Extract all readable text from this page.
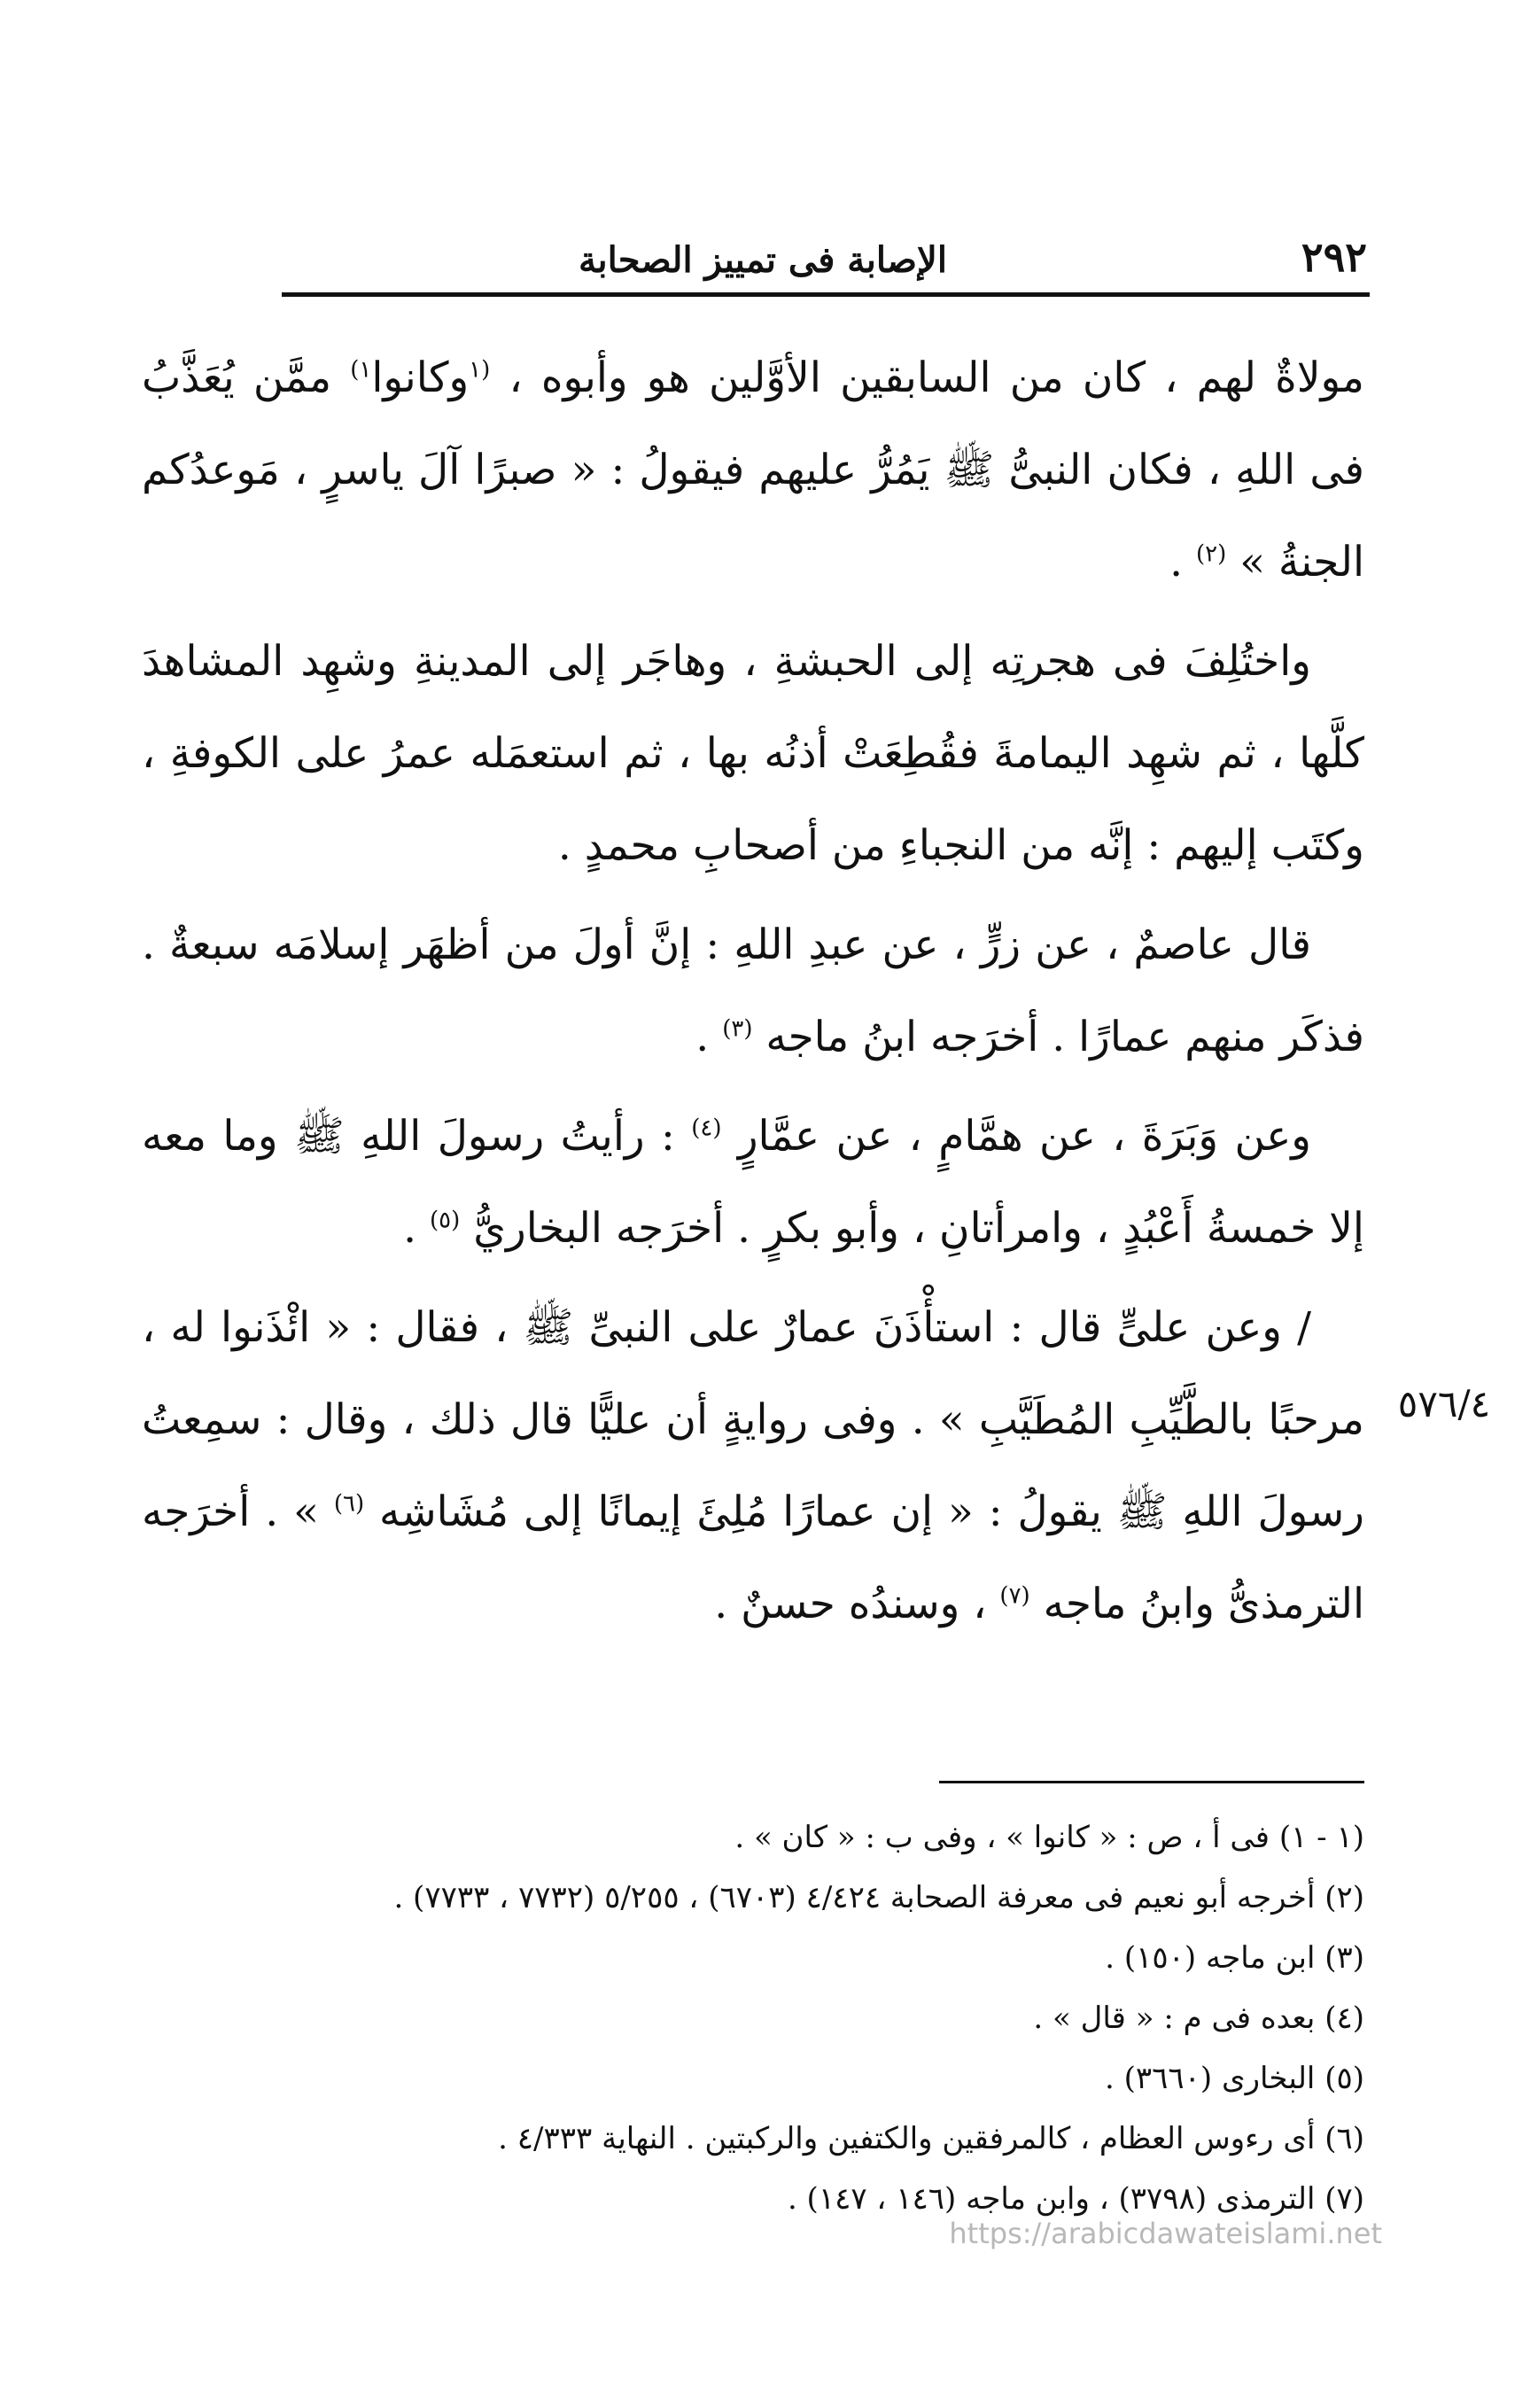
٢٩٢
الإصابة فى تمييز الصحابة

مولاةٌ لهم ، كان من السابقين الأوَّلين هو وأبوه ، $^{(١}$وكانوا$^{١)}$ ممَّن يُعَذَّبُ فى اللهِ ، فكان النبىُّ ﷺ يَمُرُّ عليهم فيقولُ : « صبرًا آلَ ياسرٍ ، مَوعدُكم الجنةُ » $^{(٢)}$ .

واختُلِفَ فى هجرتِه إلى الحبشةِ ، وهاجَر إلى المدينةِ وشهِد المشاهدَ كلَّها ، ثم شهِد اليمامةَ فقُطِعَتْ أذنُه بها ، ثم استعمَله عمرُ على الكوفةِ ، وكتَب إليهم : إنَّه من النجباءِ من أصحابِ محمدٍ .

قال عاصمٌ ، عن زرٍّ ، عن عبدِ اللهِ : إنَّ أولَ من أظهَر إسلامَه سبعةٌ . فذكَر منهم عمارًا . أخرَجه ابنُ ماجه $^{(٣)}$ .

وعن وَبَرَةَ ، عن همَّامٍ ، عن عمَّارٍ $^{(٤)}$ : رأيتُ رسولَ اللهِ ﷺ وما معه إلا خمسةُ أَعْبُدٍ ، وامرأتانِ ، وأبو بكرٍ . أخرَجه البخاريُّ $^{(٥)}$ .

/ وعن علىٍّ قال : استأْذَنَ عمارٌ على النبىِّ ﷺ ، فقال : « ائْذَنوا له ، مرحبًا بالطَّيِّبِ المُطَيَّبِ » . وفى روايةٍ أن عليًّا قال ذلك ، وقال : سمِعتُ رسولَ اللهِ ﷺ يقولُ : « إن عمارًا مُلِئَ إيمانًا إلى مُشَاشِه $^{(٦)}$ » . أخرَجه الترمذىُّ وابنُ ماجه $^{(٧)}$ ، وسندُه حسنٌ .

٥٧٦/٤

(١ - ١) فى أ ، ص : « كانوا » ، وفى ب : « كان » .

(٢) أخرجه أبو نعيم فى معرفة الصحابة ٤/٤٢٤ (٦٧٠٣) ، ٥/٢٥٥ (٧٧٣٢ ، ٧٧٣٣) .

(٣) ابن ماجه (١٥٠) .

(٤) بعده فى م : « قال » .

(٥) البخارى (٣٦٦٠) .

(٦) أى رءوس العظام ، كالمرفقين والكتفين والركبتين . النهاية ٤/٣٣٣ .

(٧) الترمذى (٣٧٩٨) ، وابن ماجه (١٤٦ ، ١٤٧) .

https://arabicdawateislami.net
